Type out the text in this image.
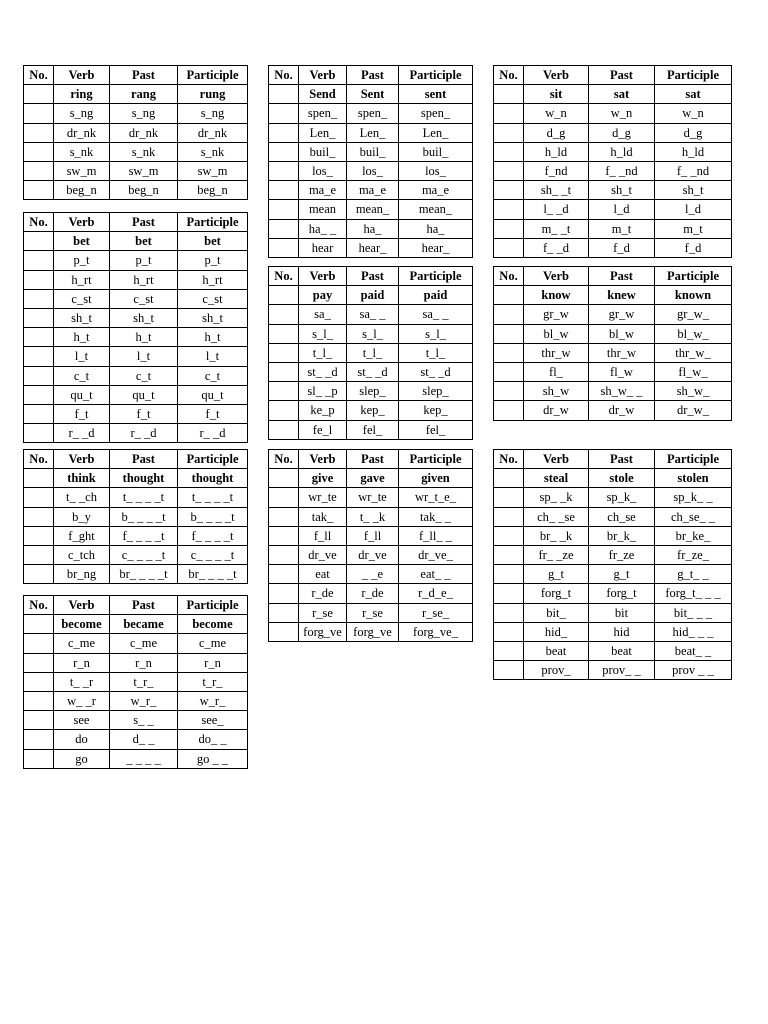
No.	Verb	Past	Participle
	ring	rang	rung
	s_ng	s_ng	s_ng
	dr_nk	dr_nk	dr_nk
	s_nk	s_nk	s_nk
	sw_m	sw_m	sw_m
	beg_n	beg_n	beg_n
No.	Verb	Past	Participle
	Send	Sent	sent
	spen_	spen_	spen_
	Len_	Len_	Len_
	buil_	buil_	buil_
	los_	los_	los_
	ma_e	ma_e	ma_e
	mean	mean_	mean_
	ha_ _	ha_	ha_
	hear	hear_	hear_
No.	Verb	Past	Participle
	sit	sat	sat
	w_n	w_n	w_n
	d_g	d_g	d_g
	h_ld	h_ld	h_ld
	f_nd	f_ _nd	f_ _nd
	sh_ _t	sh_t	sh_t
	l_ _d	l_d	l_d
	m_ _t	m_t	m_t
	f_ _d	f_d	f_d
No.	Verb	Past	Participle
	bet	bet	bet
	p_t	p_t	p_t
	h_rt	h_rt	h_rt
	c_st	c_st	c_st
	sh_t	sh_t	sh_t
	h_t	h_t	h_t
	l_t	l_t	l_t
	c_t	c_t	c_t
	qu_t	qu_t	qu_t
	f_t	f_t	f_t
	r_ _d	r_ _d	r_ _d
No.	Verb	Past	Participle
	pay	paid	paid
	sa_	sa_ _	sa_ _
	s_l_	s_l_	s_l_
	t_l_	t_l_	t_l_
	st_ _d	st_ _d	st_ _d
	sl_ _p	slep_	slep_
	ke_p	kep_	kep_
	fe_l	fel_	fel_
No.	Verb	Past	Participle
	know	knew	known
	gr_w	gr_w	gr_w_
	bl_w	bl_w	bl_w_
	thr_w	thr_w	thr_w_
	fl_	fl_w	fl_w_
	sh_w	sh_w_ _	sh_w_
	dr_w	dr_w	dr_w_
No.	Verb	Past	Participle
	think	thought	thought
	t_ _ch	t_ _ _ _t	t_ _ _ _t
	b_y	b_ _ _ _t	b_ _ _ _t
	f_ght	f_ _ _ _t	f_ _ _ _t
	c_tch	c_ _ _ _t	c_ _ _ _t
	br_ng	br_ _ _ _t	br_ _ _ _t
No.	Verb	Past	Participle
	give	gave	given
	wr_te	wr_te	wr_t_e_
	tak_	t_ _k	tak_ _
	f_ll	f_ll	f_ll_ _
	dr_ve	dr_ve	dr_ve_
	eat	_ _e	eat_ _
	r_de	r_de	r_d_e_
	r_se	r_se	r_se_
	forg_ve	forg_ve	forg_ve_
No.	Verb	Past	Participle
	steal	stole	stolen
	sp_ _k	sp_k_	sp_k_ _
	ch_ _se	ch_se	ch_se_ _
	br_ _k	br_k_	br_ke_
	fr_ _ze	fr_ze	fr_ze_
	g_t	g_t	g_t_ _
	forg_t	forg_t	forg_t_ _ _
	bit_	bit	bit_ _ _
	hid_	hid	hid_ _ _
	beat	beat	beat_ _
	prov_	prov_ _	prov _ _
No.	Verb	Past	Participle
	become	became	become
	c_me	c_me	c_me
	r_n	r_n	r_n
	t_ _r	t_r_	t_r_
	w_ _r	w_r_	w_r_
	see	s_ _	see_
	do	d_ _	do_ _
	go	_ _ _ _	go _ _
